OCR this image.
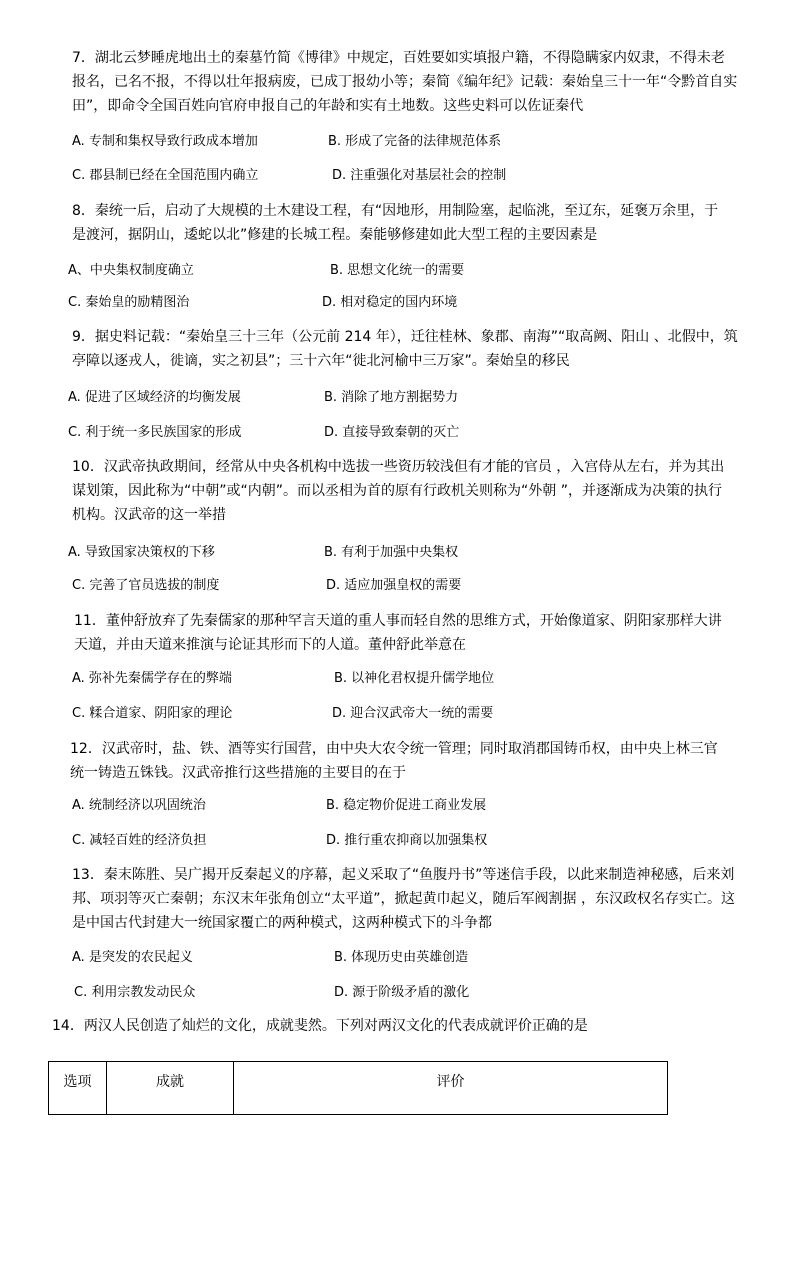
7．湖北云梦睡虎地出土的秦墓竹简《博律》中规定，百姓要如实填报户籍，不得隐瞒家内奴隶，不得未老报名，已名不报，不得以壮年报病废，已成丁报幼小等；秦简《编年纪》记载：秦始皇三十一年“令黔首自实田”，即命令全国百姓向官府申报自己的年龄和实有土地数。这些史料可以佐证秦代

A. 专制和集权导致行政成本增加	B. 形成了完备的法律规范体系
C. 郡县制已经在全国范围内确立	D. 注重强化对基层社会的控制

8．秦统一后，启动了大规模的土木建设工程，有“因地形，用制险塞，起临洮，至辽东，延褒万余里，于是渡河，据阴山，逶蛇以北”修建的长城工程。秦能够修建如此大型工程的主要因素是

A、中央集权制度确立	B. 思想文化统一的需要
C. 秦始皇的励精图治	D. 相对稳定的国内环境

9．据史料记载：“秦始皇三十三年（公元前 214 年），迁往桂林、象郡、南海”“取高阙、阳山 、北假中，筑亭障以逐戎人，徙谪，实之初县”；三十六年“徙北河榆中三万家”。秦始皇的移民

A. 促进了区域经济的均衡发展	B. 消除了地方割据势力
C. 利于统一多民族国家的形成	D. 直接导致秦朝的灭亡

10．汉武帝执政期间，经常从中央各机构中选拔一些资历较浅但有才能的官员 ，入宫侍从左右，并为其出谋划策，因此称为“中朝”或“内朝”。而以丞相为首的原有行政机关则称为“外朝 ”，并逐渐成为决策的执行机构。汉武帝的这一举措

A. 导致国家决策权的下移	B. 有利于加强中央集权
C. 完善了官员选拔的制度	D. 适应加强皇权的需要

11．董仲舒放弃了先秦儒家的那种罕言天道的重人事而轻自然的思维方式，开始像道家、阴阳家那样大讲天道，并由天道来推演与论证其形而下的人道。董仲舒此举意在

A. 弥补先秦儒学存在的弊端	B. 以神化君权提升儒学地位
C. 糅合道家、阴阳家的理论	D. 迎合汉武帝大一统的需要

12．汉武帝时，盐、铁、酒等实行国营，由中央大农令统一管理；同时取消郡国铸币权，由中央上林三官统一铸造五铢钱。汉武帝推行这些措施的主要目的在于

A. 统制经济以巩固统治	B. 稳定物价促进工商业发展
C. 减轻百姓的经济负担	D. 推行重农抑商以加强集权

13．秦末陈胜、吴广揭开反秦起义的序幕，起义采取了“鱼腹丹书”等迷信手段，以此来制造神秘感，后来刘邦、项羽等灭亡秦朝；东汉末年张角创立“太平道”，掀起黄巾起义，随后军阀割据 ，东汉政权名存实亡。这是中国古代封建大一统国家覆亡的两种模式，这两种模式下的斗争都

A. 是突发的农民起义	B. 体现历史由英雄创造
C. 利用宗教发动民众	D. 源于阶级矛盾的激化

14．两汉人民创造了灿烂的文化，成就斐然。下列对两汉文化的代表成就评价正确的是

选项	成就	评价
